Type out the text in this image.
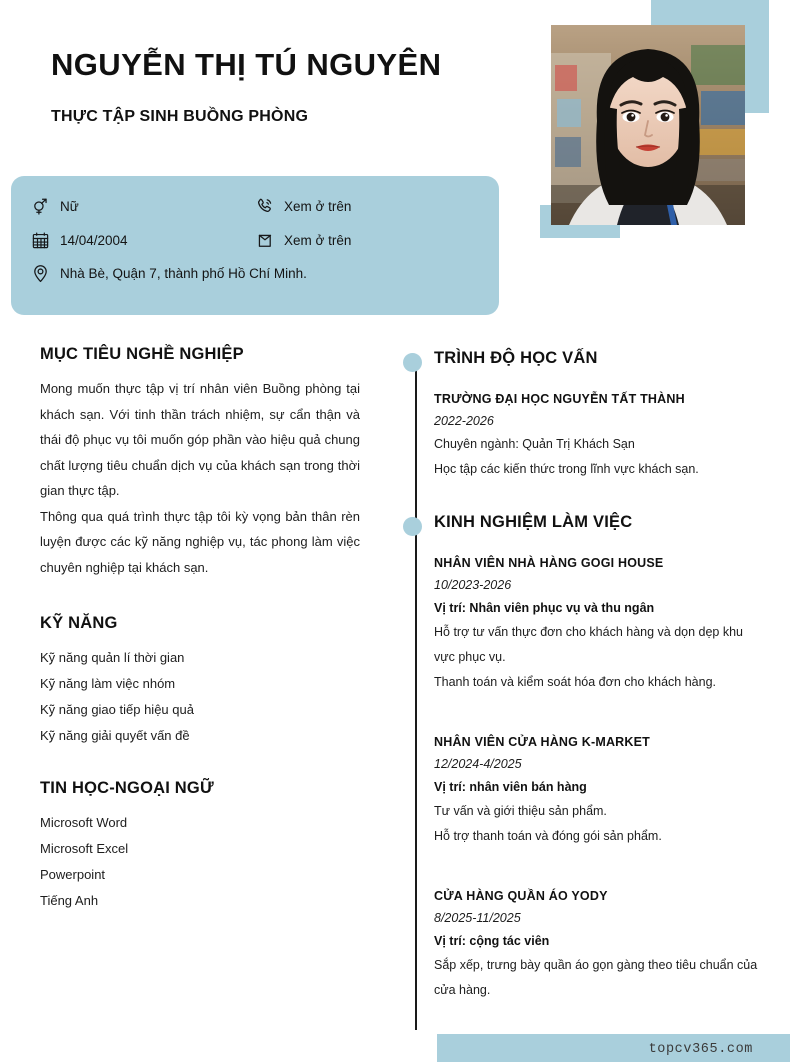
NGUYỄN THỊ TÚ NGUYÊN
THỰC TẬP SINH BUỒNG PHÒNG
Nữ
14/04/2004
Nhà Bè, Quận 7, thành phố Hồ Chí Minh.
Xem ở trên
Xem ở trên
MỤC TIÊU NGHỀ NGHIỆP

Mong muốn thực tập vị trí nhân viên Buồng phòng tại khách sạn. Với tinh thần trách nhiệm, sự cẩn thận và thái độ phục vụ tôi muốn góp phần vào hiệu quả chung chất lượng tiêu chuẩn dịch vụ của khách sạn trong thời gian thực tập.

Thông qua quá trình thực tập tôi kỳ vọng bản thân rèn luyện được các kỹ năng nghiệp vụ, tác phong làm việc chuyên nghiệp tại khách sạn.

KỸ NĂNG
Kỹ năng quản lí thời gian
Kỹ năng làm việc nhóm
Kỹ năng giao tiếp hiệu quả
Kỹ năng giải quyết vấn đề
TIN HỌC-NGOẠI NGỮ
Microsoft Word
Microsoft Excel
Powerpoint
Tiếng Anh
TRÌNH ĐỘ HỌC VẤN
TRƯỜNG ĐẠI HỌC NGUYỄN TẤT THÀNH
2022-2026
Chuyên ngành: Quản Trị Khách Sạn
Học tập các kiến thức trong lĩnh vực khách sạn.
KINH NGHIỆM LÀM VIỆC
NHÂN VIÊN NHÀ HÀNG GOGI HOUSE
10/2023-2026
Vị trí: Nhân viên phục vụ và thu ngân
Hỗ trợ tư vấn thực đơn cho khách hàng và dọn dẹp khu vực phục vụ.
Thanh toán và kiểm soát hóa đơn cho khách hàng.
NHÂN VIÊN CỬA HÀNG K-MARKET
12/2024-4/2025
Vị trí: nhân viên bán hàng
Tư vấn và giới thiệu sản phẩm.
Hỗ trợ thanh toán và đóng gói sản phẩm.
CỬA HÀNG QUẦN ÁO YODY
8/2025-11/2025
Vị trí: cộng tác viên
Sắp xếp, trưng bày quần áo gọn gàng theo tiêu chuẩn của cửa hàng.
topcv365.com
